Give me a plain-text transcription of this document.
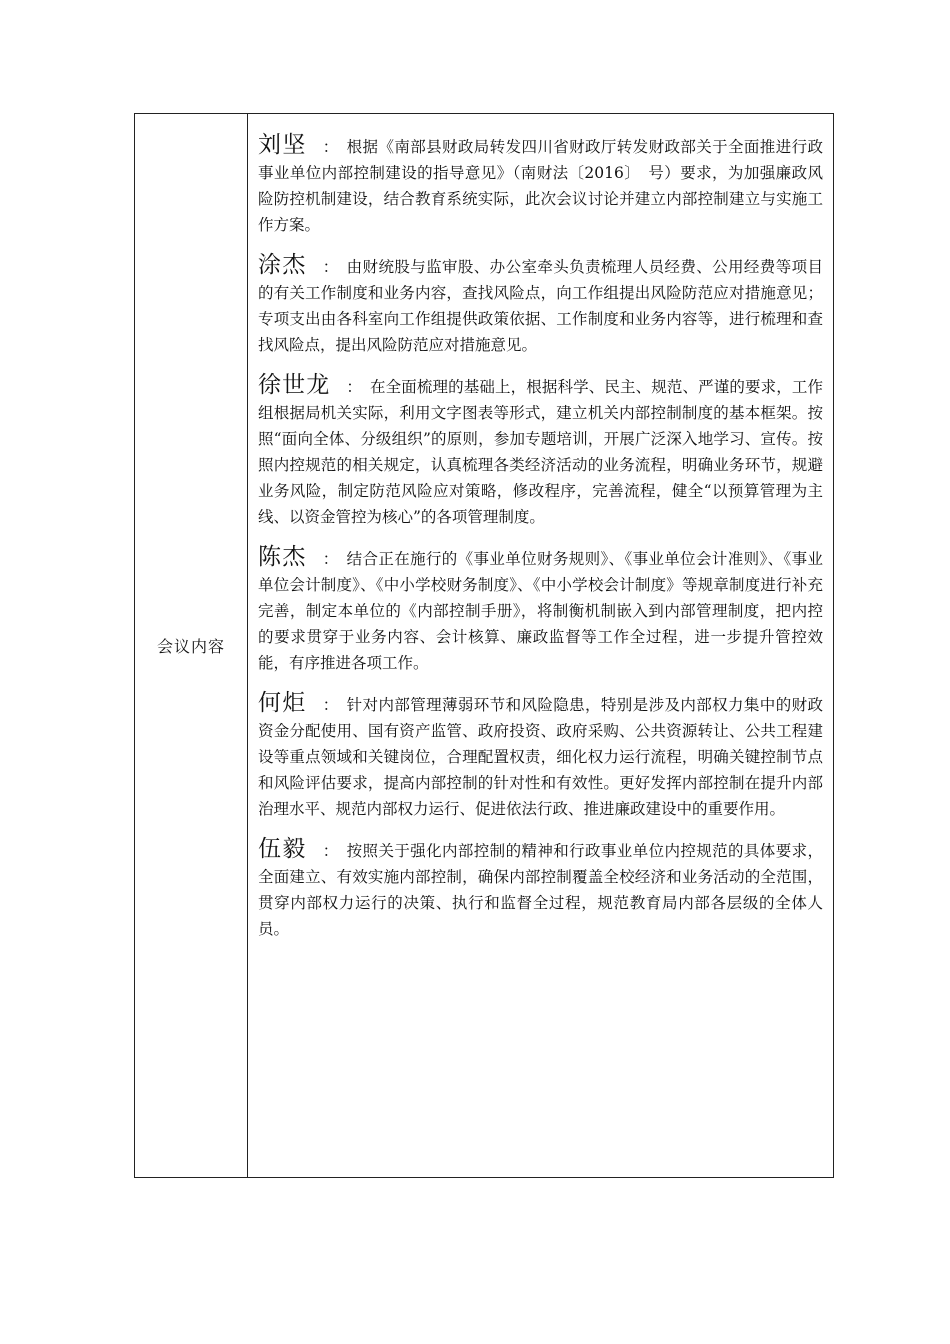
会议内容

刘坚 ： 根据《南部县财政局转发四川省财政厅转发财政部关于全面推进行政事业单位内部控制建设的指导意见》（南财法〔2016〕　号）要求，为加强廉政风险防控机制建设，结合教育系统实际，此次会议讨论并建立内部控制建立与实施工作方案。

涂杰 ： 由财统股与监审股、办公室牵头负责梳理人员经费、公用经费等项目的有关工作制度和业务内容，查找风险点，向工作组提出风险防范应对措施意见；专项支出由各科室向工作组提供政策依据、工作制度和业务内容等，进行梳理和查找风险点，提出风险防范应对措施意见。

徐世龙 ： 在全面梳理的基础上，根据科学、民主、规范、严谨的要求，工作组根据局机关实际，利用文字图表等形式，建立机关内部控制制度的基本框架。按照“面向全体、分级组织”的原则，参加专题培训，开展广泛深入地学习、宣传。按照内控规范的相关规定，认真梳理各类经济活动的业务流程，明确业务环节，规避业务风险，制定防范风险应对策略，修改程序，完善流程，健全“以预算管理为主线、以资金管控为核心”的各项管理制度。

陈杰 ： 结合正在施行的《事业单位财务规则》、《事业单位会计准则》、《事业单位会计制度》、《中小学校财务制度》、《中小学校会计制度》等规章制度进行补充完善，制定本单位的《内部控制手册》，将制衡机制嵌入到内部管理制度，把内控的要求贯穿于业务内容、会计核算、廉政监督等工作全过程，进一步提升管控效能，有序推进各项工作。

何炬 ： 针对内部管理薄弱环节和风险隐患，特别是涉及内部权力集中的财政资金分配使用、国有资产监管、政府投资、政府采购、公共资源转让、公共工程建设等重点领域和关键岗位，合理配置权责，细化权力运行流程，明确关键控制节点和风险评估要求，提高内部控制的针对性和有效性。更好发挥内部控制在提升内部治理水平、规范内部权力运行、促进依法行政、推进廉政建设中的重要作用。

伍毅 ： 按照关于强化内部控制的精神和行政事业单位内控规范的具体要求，全面建立、有效实施内部控制，确保内部控制覆盖全校经济和业务活动的全范围，贯穿内部权力运行的决策、执行和监督全过程，规范教育局内部各层级的全体人员。
